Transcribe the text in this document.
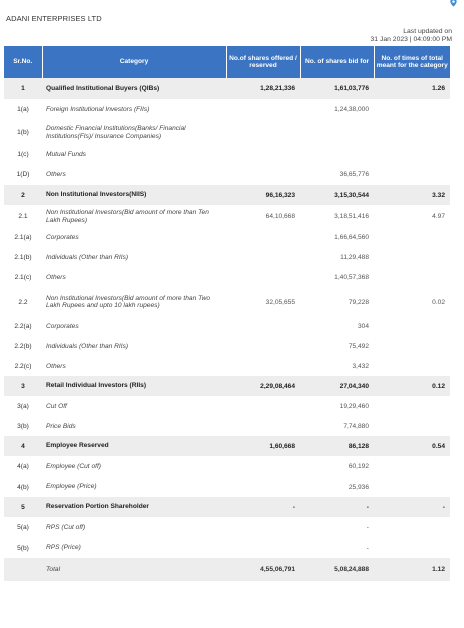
ADANI ENTERPRISES LTD
Last updated on
31 Jan 2023 | 04:09:00 PM
Sr.No.	Category	No.of shares offered / reserved	No. of shares bid for	No. of times of total meant for the category
1	Qualified Institutional Buyers (QIBs)	1,28,21,336	1,61,03,776	1.26
1(a)	Foreign Institutional Investors (FIIs)		1,24,38,000	
1(b)	Domestic Financial Institutions(Banks/ Financial Institutions(FIs)/ Insurance Companies)			
1(c)	Mutual Funds			
1(D)	Others		36,65,776	
2	Non Institutional Investors(NIIS)	96,16,323	3,15,30,544	3.32
2.1	Non Institutional Investors(Bid amount of more than Ten Lakh Rupees)	64,10,668	3,18,51,416	4.97
2.1(a)	Corporates		1,66,64,560	
2.1(b)	Individuals (Other than RIIs)		11,29,488	
2.1(c)	Others		1,40,57,368	
2.2	Non Institutional Investors(Bid amount of more than Two Lakh Rupees and upto 10 lakh rupees)	32,05,655	79,228	0.02
2.2(a)	Corporates		304	
2.2(b)	Individuals (Other than RIIs)		75,492	
2.2(c)	Others		3,432	
3	Retail Individual Investors (RIIs)	2,29,08,464	27,04,340	0.12
3(a)	Cut Off		19,29,460	
3(b)	Price Bids		7,74,880	
4	Employee Reserved	1,60,668	86,128	0.54
4(a)	Employee (Cut off)		60,192	
4(b)	Employee (Price)		25,936	
5	Reservation Portion Shareholder	-	-	-
5(a)	RPS (Cut off)		-	
5(b)	RPS (Price)		-	
	Total	4,55,06,791	5,08,24,888	1.12
